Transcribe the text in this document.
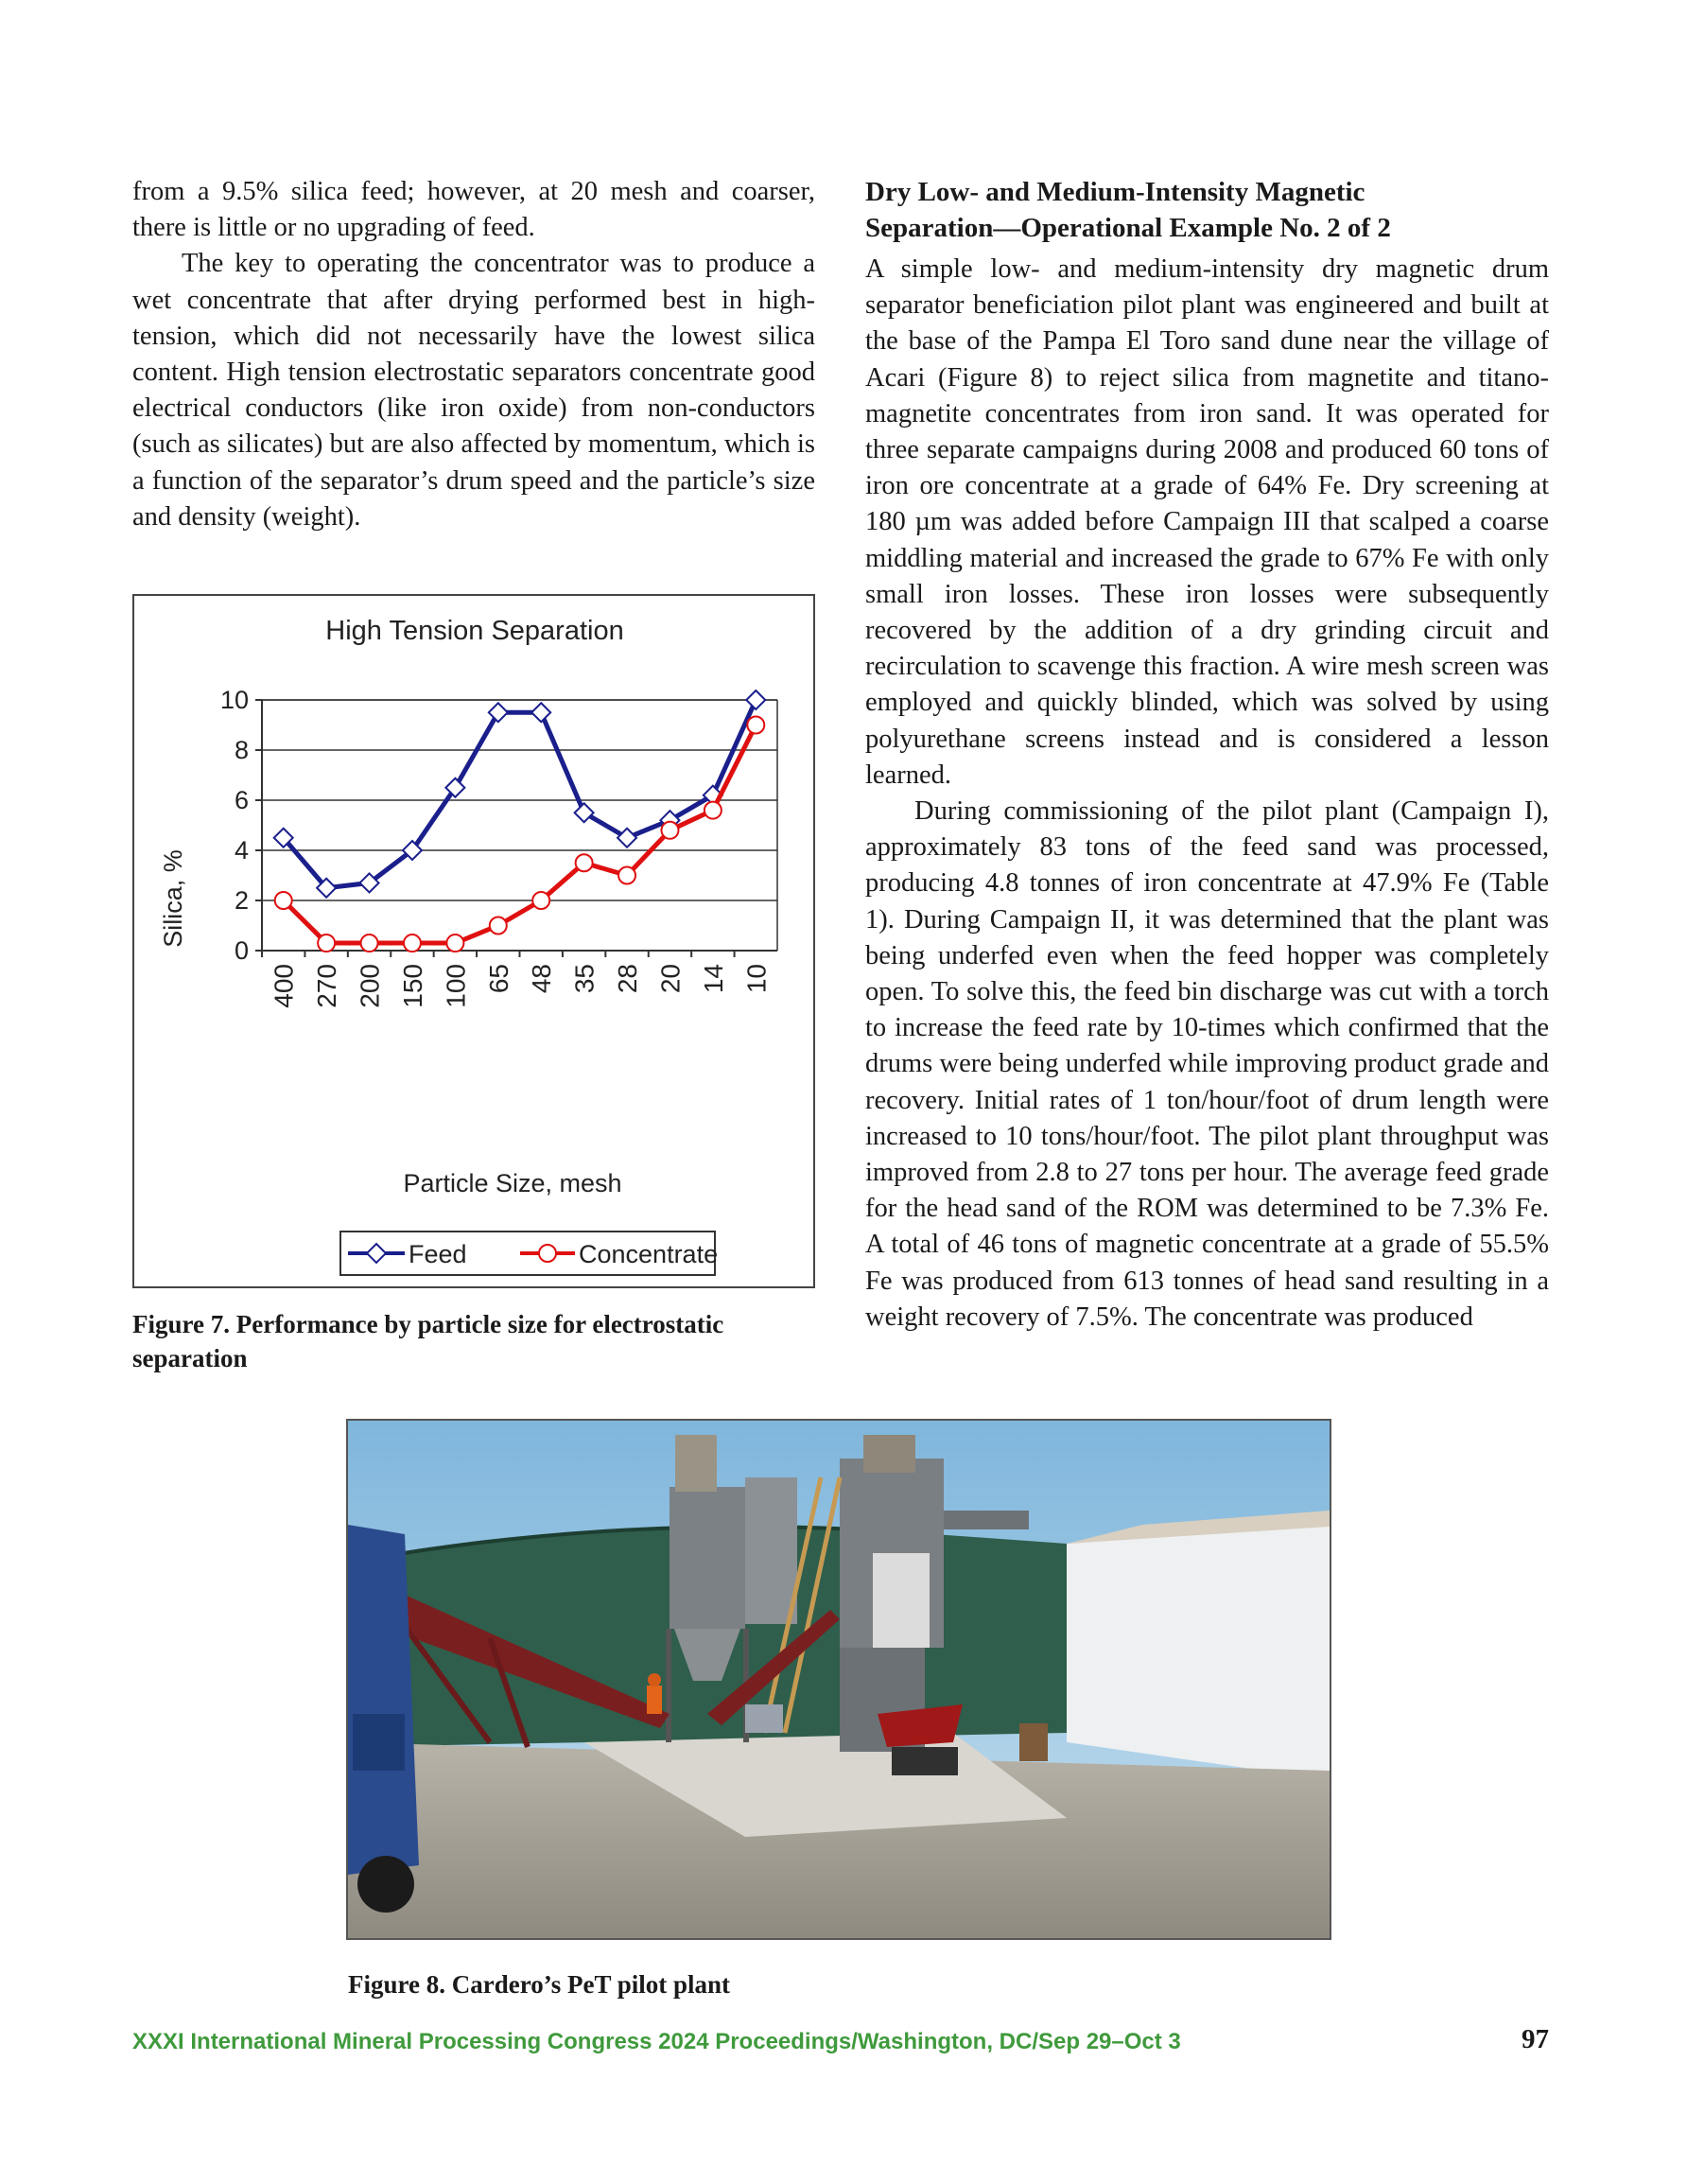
from a 9.5% silica feed; however, at 20 mesh and coarser, there is little or no upgrading of feed.

The key to operating the concentrator was to produce a wet concentrate that after drying performed best in high-tension, which did not necessarily have the lowest silica content. High tension electrostatic separators concentrate good electrical conductors (like iron oxide) from non-conductors (such as silicates) but are also affected by momentum, which is a function of the separator’s drum speed and the particle’s size and density (weight).

High Tension Separation
0
2
4
6
8
10
400 270 200 150 100 65 48 35 28 20 14 10
Particle Size, mesh
Silica, %
Feed	Concentrate
Figure 7. Performance by particle size for electrostatic separation
Dry Low- and Medium-Intensity Magnetic
Separation—Operational Example No. 2 of 2

A simple low- and medium-intensity dry magnetic drum separator beneficiation pilot plant was engineered and built at the base of the Pampa El Toro sand dune near the village of Acari (Figure 8) to reject silica from magnetite and titano-magnetite concentrates from iron sand. It was operated for three separate campaigns during 2008 and produced 60 tons of iron ore concentrate at a grade of 64% Fe. Dry screening at 180 µm was added before Campaign III that scalped a coarse middling material and increased the grade to 67% Fe with only small iron losses. These iron losses were subsequently recovered by the addition of a dry grinding circuit and recirculation to scavenge this fraction. A wire mesh screen was employed and quickly blinded, which was solved by using polyurethane screens instead and is considered a lesson learned.

During commissioning of the pilot plant (Campaign I), approximately 83 tons of the feed sand was processed, producing 4.8 tonnes of iron concentrate at 47.9% Fe (Table 1). During Campaign II, it was determined that the plant was being underfed even when the feed hopper was completely open. To solve this, the feed bin discharge was cut with a torch to increase the feed rate by 10-times which confirmed that the drums were being underfed while improving product grade and recovery. Initial rates of 1 ton/hour/foot of drum length were increased to 10 tons/hour/foot. The pilot plant throughput was improved from 2.8 to 27 tons per hour. The average feed grade for the head sand of the ROM was determined to be 7.3% Fe. A total of 46 tons of magnetic concentrate at a grade of 55.5% Fe was produced from 613 tonnes of head sand resulting in a weight recovery of 7.5%. The concentrate was produced

Figure 8. Cardero’s PeT pilot plant
XXXI International Mineral Processing Congress 2024 Proceedings/Washington, DC/Sep 29–Oct 3	97
